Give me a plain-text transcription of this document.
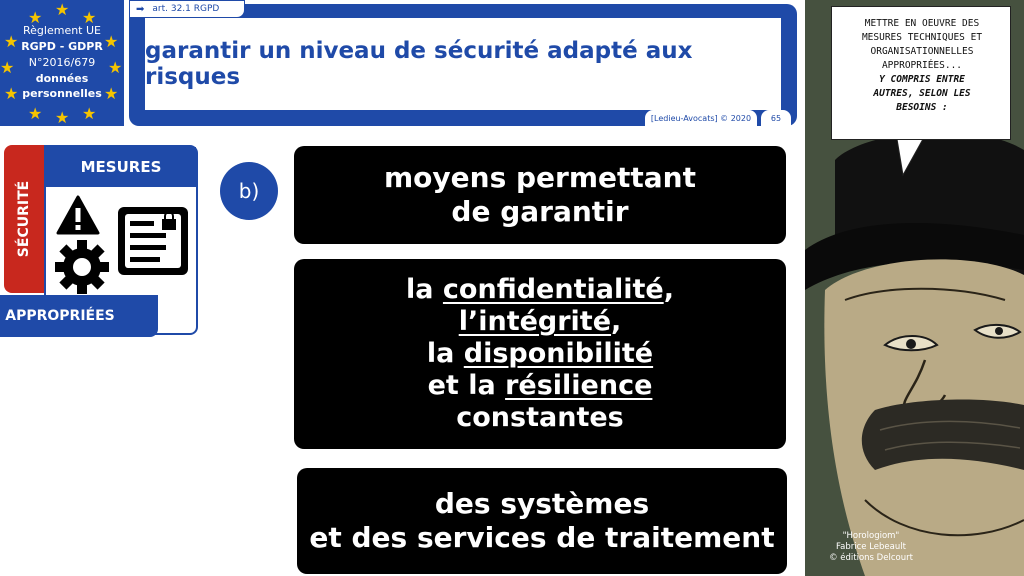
★
★ ★
★	★
★	★
★	★
★ ★
★
Règlement UE
RGPD - GDPR
N°2016/679
données
personnelles
➡ art. 32.1 RGPD
garantir un niveau de sécurité adapté aux risques
[Ledieu-Avocats] © 2020	65
MESURES
SÉCURITÉ
APPROPRIÉES
b)	moyens permettant
de garantir
la confidentialité,
l’intégrité,
la disponibilité
et la résilience
constantes
des systèmes
et des services de traitement
METTRE EN OEUVRE DES
MESURES TECHNIQUES ET
ORGANISATIONNELLES
APPROPRIÉES...
Y COMPRIS ENTRE
AUTRES, SELON LES
BESOINS :
"Horologiom"
Fabrice Lebeault
© éditions Delcourt
